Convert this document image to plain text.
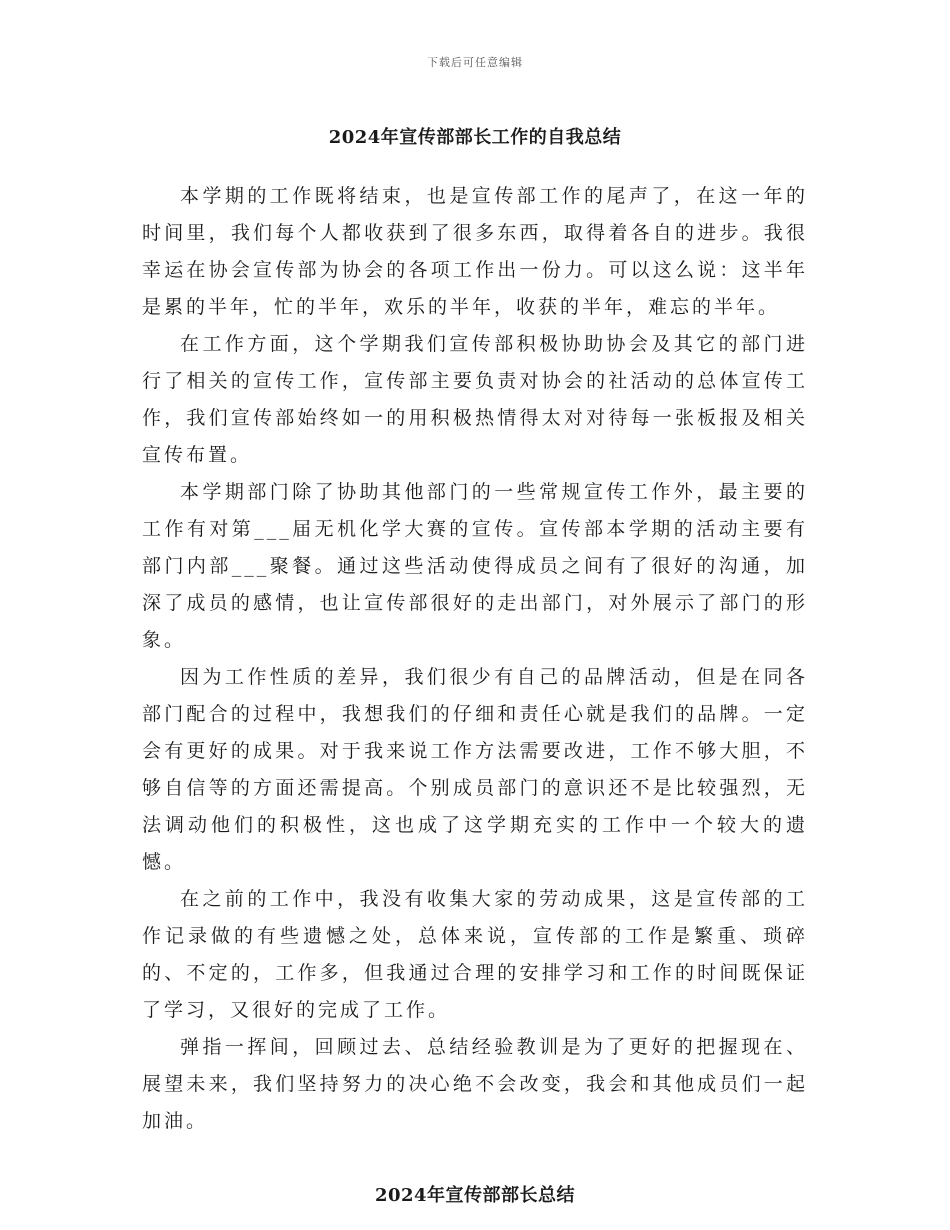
下载后可任意编辑
2024年宣传部部长工作的自我总结

本学期的工作既将结束，也是宣传部工作的尾声了，在这一年的时间里，我们每个人都收获到了很多东西，取得着各自的进步。我很幸运在协会宣传部为协会的各项工作出一份力。可以这么说：这半年是累的半年，忙的半年，欢乐的半年，收获的半年，难忘的半年。

在工作方面，这个学期我们宣传部积极协助协会及其它的部门进行了相关的宣传工作，宣传部主要负责对协会的社活动的总体宣传工作，我们宣传部始终如一的用积极热情得太对对待每一张板报及相关宣传布置。

本学期部门除了协助其他部门的一些常规宣传工作外，最主要的工作有对第___届无机化学大赛的宣传。宣传部本学期的活动主要有部门内部___聚餐。通过这些活动使得成员之间有了很好的沟通，加深了成员的感情，也让宣传部很好的走出部门，对外展示了部门的形象。

因为工作性质的差异，我们很少有自己的品牌活动，但是在同各部门配合的过程中，我想我们的仔细和责任心就是我们的品牌。一定会有更好的成果。对于我来说工作方法需要改进，工作不够大胆，不够自信等的方面还需提高。个别成员部门的意识还不是比较强烈，无法调动他们的积极性，这也成了这学期充实的工作中一个较大的遗憾。

在之前的工作中，我没有收集大家的劳动成果，这是宣传部的工作记录做的有些遗憾之处，总体来说，宣传部的工作是繁重、琐碎的、不定的，工作多，但我通过合理的安排学习和工作的时间既保证了学习，又很好的完成了工作。

弹指一挥间，回顾过去、总结经验教训是为了更好的把握现在、展望未来，我们坚持努力的决心绝不会改变，我会和其他成员们一起加油。

2024年宣传部部长总结
